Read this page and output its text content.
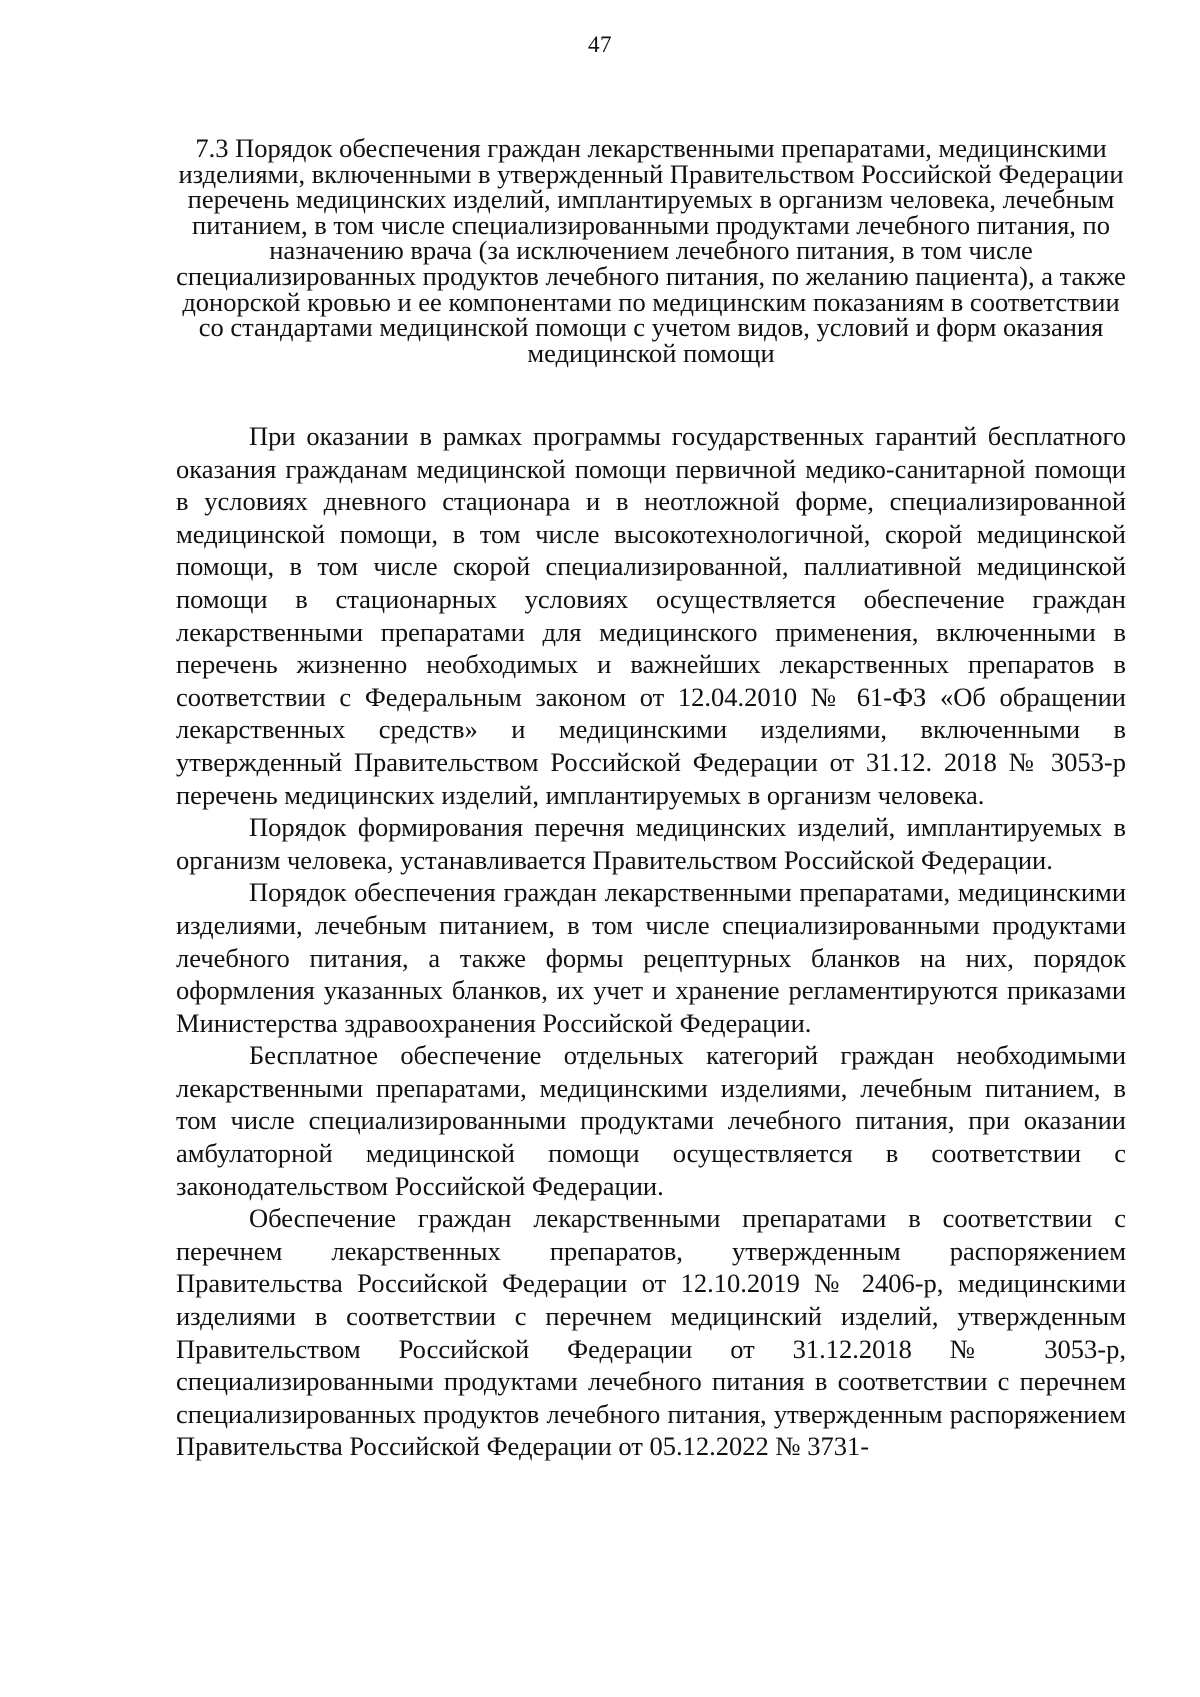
47
7.3 Порядок обеспечения граждан лекарственными препаратами, медицинскими изделиями, включенными в утвержденный Правительством Российской Федерации перечень медицинских изделий, имплантируемых в организм человека, лечебным питанием, в том числе специализированными продуктами лечебного питания, по назначению врача (за исключением лечебного питания, в том числе специализированных продуктов лечебного питания, по желанию пациента), а также донорской кровью и ее компонентами по медицинским показаниям в соответствии со стандартами медицинской помощи с учетом видов, условий и форм оказания медицинской помощи

При оказании в рамках программы государственных гарантий бесплатного оказания гражданам медицинской помощи первичной медико-санитарной помощи в условиях дневного стационара и в неотложной форме, специализированной медицинской помощи, в том числе высокотехнологичной, скорой медицинской помощи, в том числе скорой специализированной, паллиативной медицинской помощи в стационарных условиях осуществляется обеспечение граждан лекарственными препаратами для медицинского применения, включенными в перечень жизненно необходимых и важнейших лекарственных препаратов в соответствии с Федеральным законом от 12.04.2010 № 61-ФЗ «Об обращении лекарственных средств» и медицинскими изделиями, включенными в утвержденный Правительством Российской Федерации от 31.12. 2018 № 3053-р перечень медицинских изделий, имплантируемых в организм человека.

Порядок формирования перечня медицинских изделий, имплантируемых в организм человека, устанавливается Правительством Российской Федерации.

Порядок обеспечения граждан лекарственными препаратами, медицинскими изделиями, лечебным питанием, в том числе специализированными продуктами лечебного питания, а также формы рецептурных бланков на них, порядок оформления указанных бланков, их учет и хранение регламентируются приказами Министерства здравоохранения Российской Федерации.

Бесплатное обеспечение отдельных категорий граждан необходимыми лекарственными препаратами, медицинскими изделиями, лечебным питанием, в том числе специализированными продуктами лечебного питания, при оказании амбулаторной медицинской помощи осуществляется в соответствии с законодательством Российской Федерации.

Обеспечение граждан лекарственными препаратами в соответствии с перечнем лекарственных препаратов, утвержденным распоряжением Правительства Российской Федерации от 12.10.2019 № 2406-р, медицинскими изделиями в соответствии с перечнем медицинский изделий, утвержденным Правительством Российской Федерации от 31.12.2018 № 3053-р, специализированными продуктами лечебного питания в соответствии с перечнем специализированных продуктов лечебного питания, утвержденным распоряжением Правительства Российской Федерации от 05.12.2022 № 3731-
